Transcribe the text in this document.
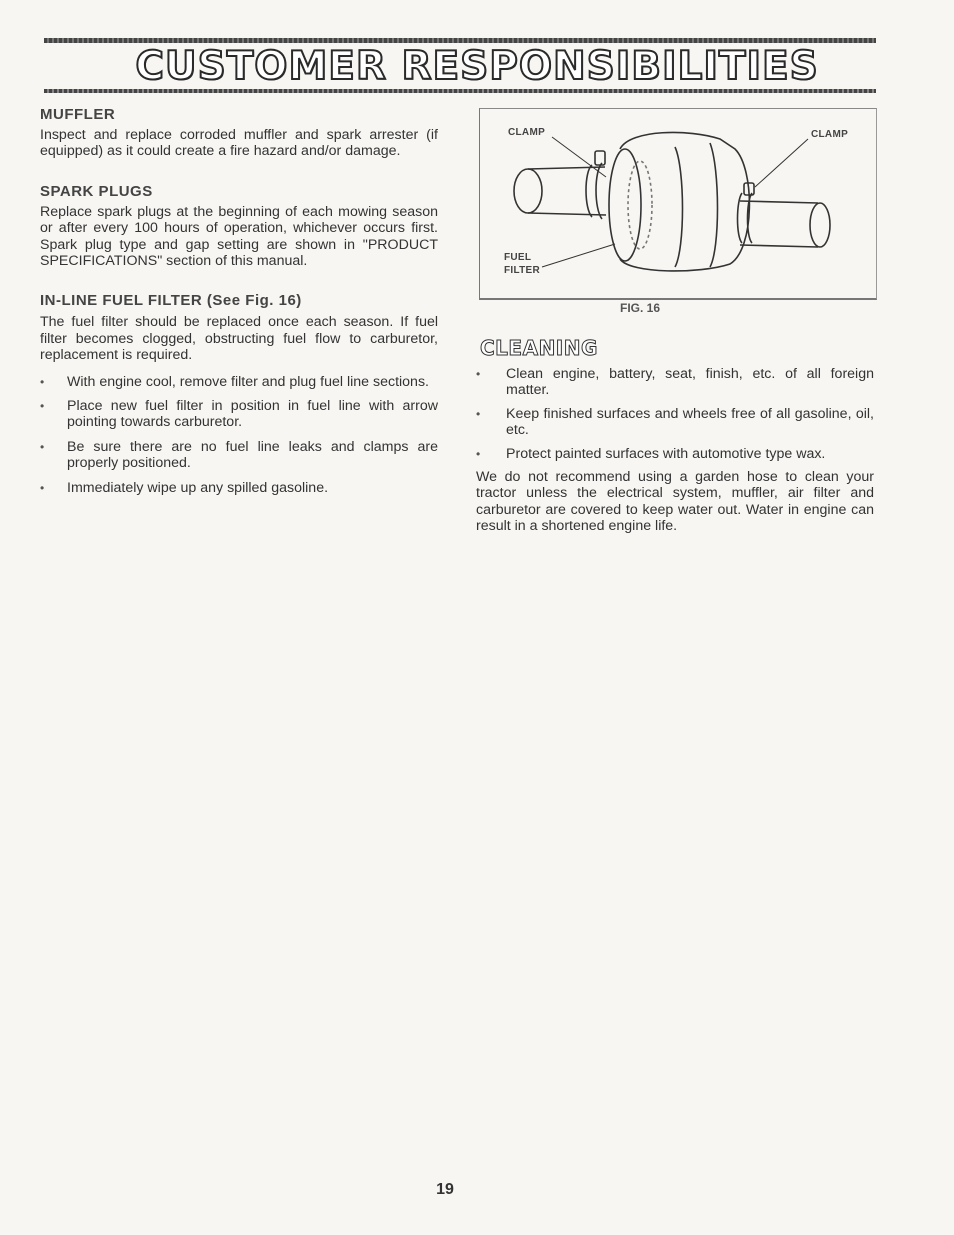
CUSTOMER RESPONSIBILITIES
MUFFLER

Inspect and replace corroded muffler and spark arrester (if equipped) as it could create a fire hazard and/or damage.

SPARK PLUGS

Replace spark plugs at the beginning of each mowing season or after every 100 hours of operation, whichever occurs first. Spark plug type and gap setting are shown in "PRODUCT SPECIFICATIONS" section of this manual.

IN-LINE FUEL FILTER (See Fig. 16)

The fuel filter should be replaced once each season. If fuel filter becomes clogged, obstructing fuel flow to carburetor, replacement is required.

• With engine cool, remove filter and plug fuel line sections.
• Place new fuel filter in position in fuel line with arrow pointing towards carburetor.
• Be sure there are no fuel line leaks and clamps are properly positioned.
• Immediately wipe up any spilled gasoline.
CLAMP	CLAMP
FUEL
FILTER
FIG. 16
CLEANING
• Clean engine, battery, seat, finish, etc. of all foreign matter.
• Keep finished surfaces and wheels free of all gasoline, oil, etc.
• Protect painted surfaces with automotive type wax.

We do not recommend using a garden hose to clean your tractor unless the electrical system, muffler, air filter and carburetor are covered to keep water out. Water in engine can result in a shortened engine life.

19
